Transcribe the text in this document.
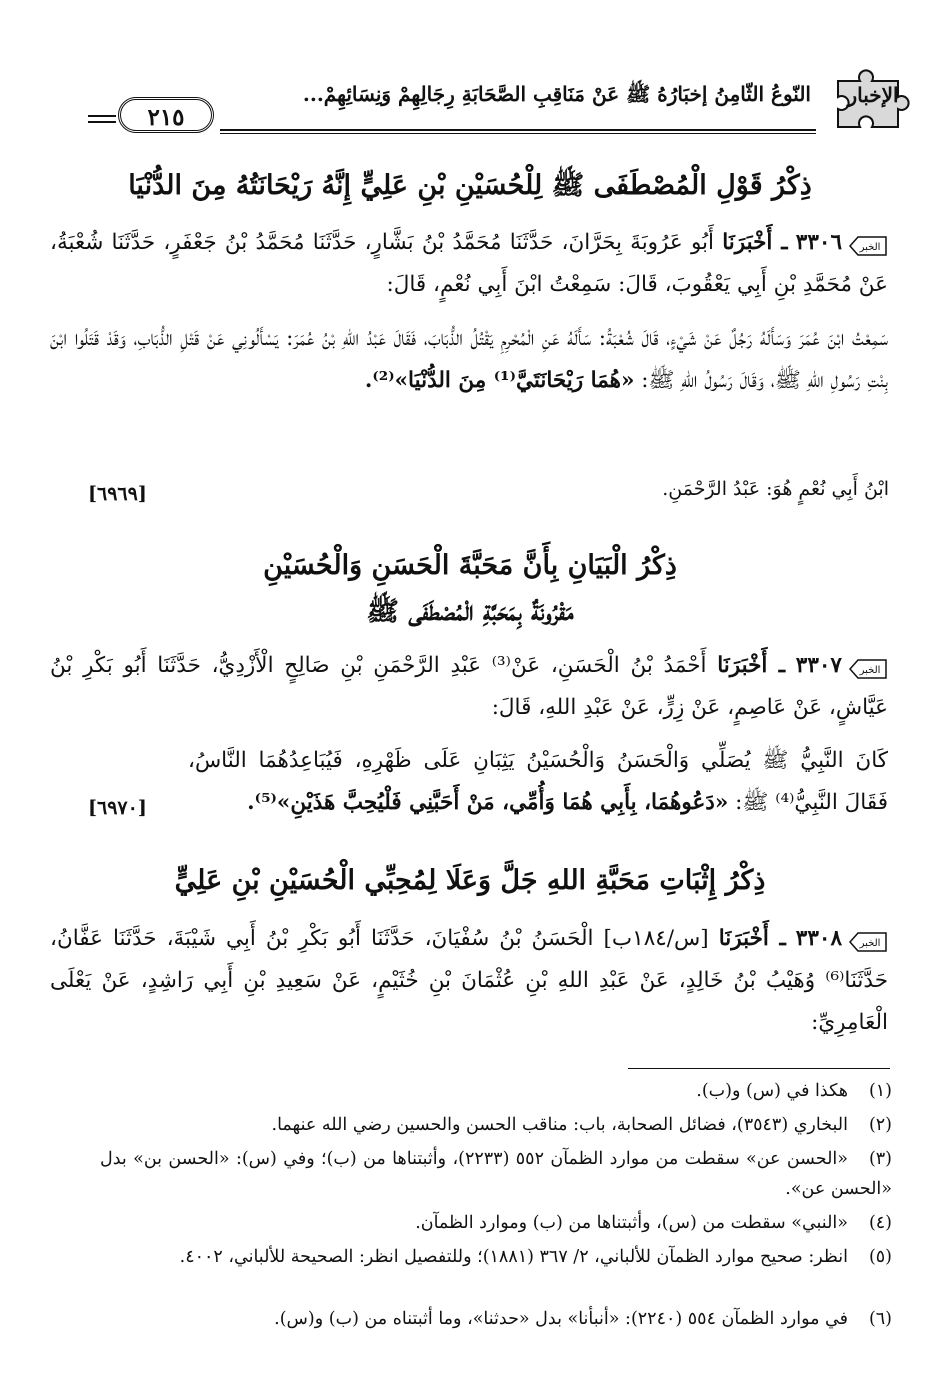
الإخبار
النّوعُ الثّامِنُ إخبَارُهُ ﷺ عَنْ مَنَاقِبِ الصَّحَابَةِ رِجَالِهِمْ وَنِسَائِهِمْ...
٢١٥
ذِكْرُ قَوْلِ الْمُصْطَفَى ﷺ لِلْحُسَيْنِ بْنِ عَلِيٍّ إِنَّهُ رَيْحَانَتُهُ مِنَ الدُّنْيَا
الخبر
٣٣٠٦ ـ أَخْبَرَنَا أَبُو عَرُوبَةَ بِحَرَّانَ، حَدَّثَنَا مُحَمَّدُ بْنُ بَشَّارٍ، حَدَّثَنَا مُحَمَّدُ بْنُ جَعْفَرٍ، حَدَّثَنَا شُعْبَةُ، عَنْ مُحَمَّدِ بْنِ أَبِي يَعْقُوبَ، قَالَ: سَمِعْتُ ابْنَ أَبِي نُعْمٍ، قَالَ:
سَمِعْتُ ابْنَ عُمَرَ وَسَأَلَهُ رَجُلٌ عَنْ شَيْءٍ، قَالَ شُعْبَةُ: سَأَلَهُ عَنِ الْمُحْرِمِ يَقْتُلُ الذُّبَابَ، فَقَالَ عَبْدُ اللهِ بْنُ عُمَرَ: يَسْأَلُونِي عَنْ قَتْلِ الذُّبَابِ، وَقَدْ قَتَلُوا ابْنَ بِنْتِ رَسُولِ اللهِ ﷺ، وَقَالَ رَسُولُ اللهِ ﷺ: «هُمَا رَيْحَانَتَيَّ⁽¹⁾ مِنَ الدُّنْيَا»⁽²⁾.
ابْنُ أَبِي نُعْمٍ هُوَ: عَبْدُ الرَّحْمَنِ.
[٦٩٦٩]
ذِكْرُ الْبَيَانِ بِأَنَّ مَحَبَّةَ الْحَسَنِ وَالْحُسَيْنِ
مَقْرُونَةٌ بِمَحَبَّةِ الْمُصْطَفَى ﷺ
الخبر
٣٣٠٧ ـ أَخْبَرَنَا أَحْمَدُ بْنُ الْحَسَنِ، عَنْ⁽³⁾ عَبْدِ الرَّحْمَنِ بْنِ صَالِحٍ الْأَزْدِيُّ، حَدَّثَنَا أَبُو بَكْرِ بْنُ عَيَّاشٍ، عَنْ عَاصِمٍ، عَنْ زِرٍّ، عَنْ عَبْدِ اللهِ، قَالَ:
كَانَ النَّبِيُّ ﷺ يُصَلِّي وَالْحَسَنُ وَالْحُسَيْنُ يَثِبَانِ عَلَى ظَهْرِهِ، فَيُبَاعِدُهُمَا النَّاسُ، فَقَالَ النَّبِيُّ⁽⁴⁾ ﷺ: «دَعُوهُمَا، بِأَبِي هُمَا وَأُمِّي، مَنْ أَحَبَّنِي فَلْيُحِبَّ هَذَيْنِ»⁽⁵⁾.
[٦٩٧٠]
ذِكْرُ إِثْبَاتِ مَحَبَّةِ اللهِ جَلَّ وَعَلَا لِمُحِبِّي الْحُسَيْنِ بْنِ عَلِيٍّ
الخبر
٣٣٠٨ ـ أَخْبَرَنَا [س/١٨٤ب] الْحَسَنُ بْنُ سُفْيَانَ، حَدَّثَنَا أَبُو بَكْرِ بْنُ أَبِي شَيْبَةَ، حَدَّثَنَا عَفَّانُ، حَدَّثَنَا⁽⁶⁾ وُهَيْبُ بْنُ خَالِدٍ، عَنْ عَبْدِ اللهِ بْنِ عُثْمَانَ بْنِ خُثَيْمٍ، عَنْ سَعِيدِ بْنِ أَبِي رَاشِدٍ، عَنْ يَعْلَى الْعَامِرِيِّ:
(١)هكذا في (س) و(ب).
(٢)البخاري (٣٥٤٣)، فضائل الصحابة، باب: مناقب الحسن والحسين رضي الله عنهما.
(٣)«الحسن عن» سقطت من موارد الظمآن ٥٥٢ (٢٢٣٣)، وأثبتناها من (ب)؛ وفي (س): «الحسن بن» بدل «الحسن عن».
(٤)«النبي» سقطت من (س)، وأثبتناها من (ب) وموارد الظمآن.
(٥)انظر: صحيح موارد الظمآن للألباني، ٢/ ٣٦٧ (١٨٨١)؛ وللتفصيل انظر: الصحيحة للألباني، ٤٠٠٢.
(٦)في موارد الظمآن ٥٥٤ (٢٢٤٠): «أنبأنا» بدل «حدثنا»، وما أثبتناه من (ب) و(س).
